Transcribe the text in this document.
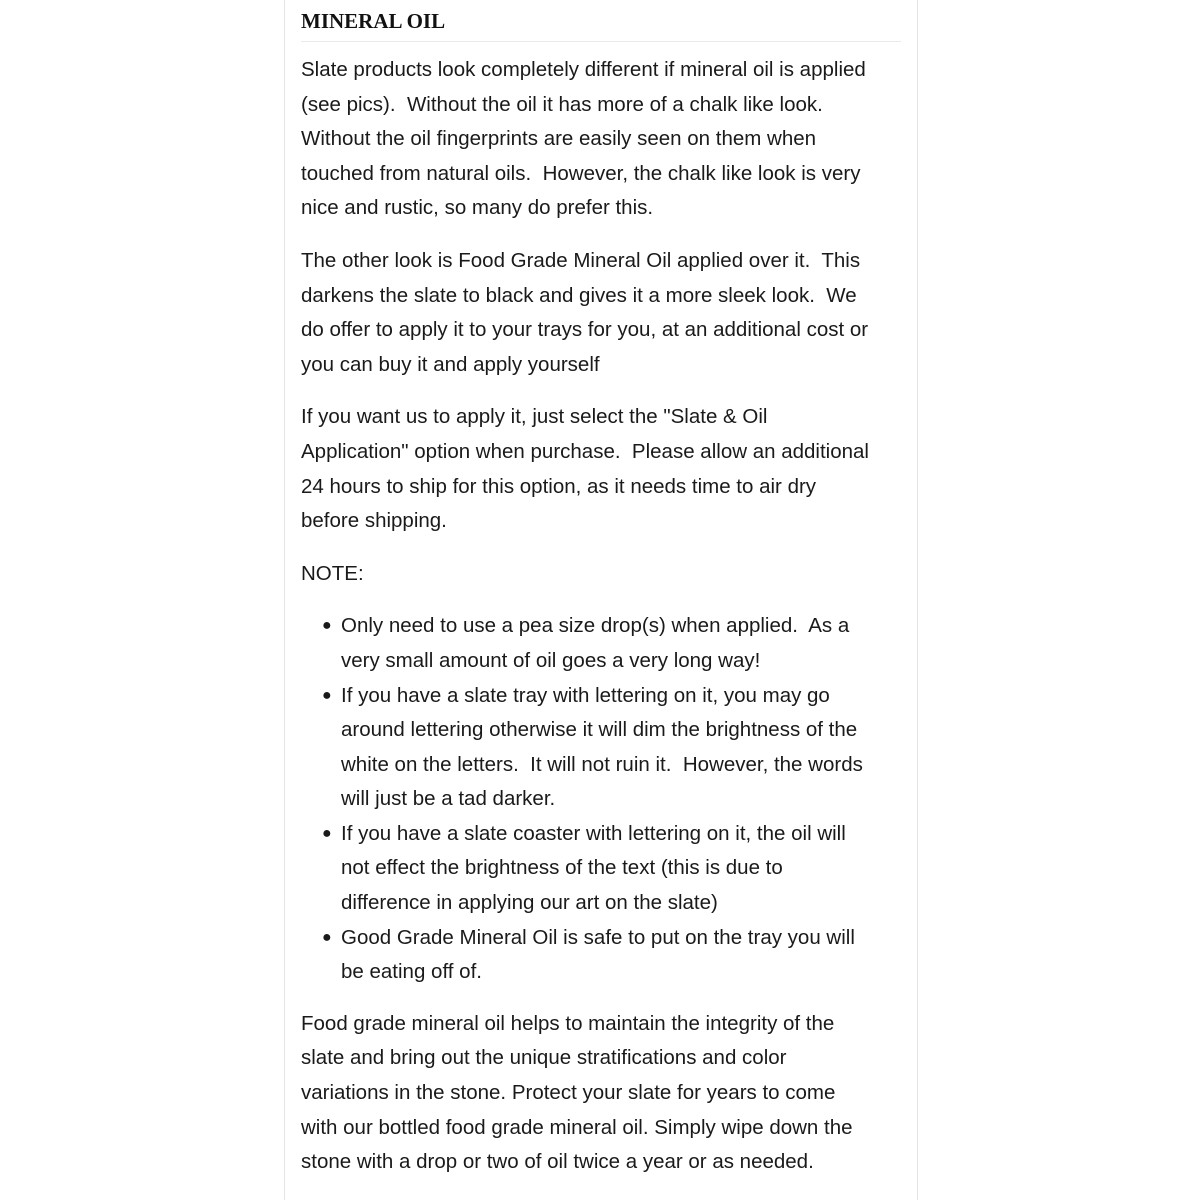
MINERAL OIL

Slate products look completely different if mineral oil is applied
(see pics).  Without the oil it has more of a chalk like look.
Without the oil fingerprints are easily seen on them when
touched from natural oils.  However, the chalk like look is very
nice and rustic, so many do prefer this.

The other look is Food Grade Mineral Oil applied over it.  This
darkens the slate to black and gives it a more sleek look.  We
do offer to apply it to your trays for you, at an additional cost or
you can buy it and apply yourself

If you want us to apply it, just select the "Slate & Oil
Application" option when purchase.  Please allow an additional
24 hours to ship for this option, as it needs time to air dry
before shipping.

NOTE:

● Only need to use a pea size drop(s) when applied.  As a
very small amount of oil goes a very long way!
● If you have a slate tray with lettering on it, you may go
around lettering otherwise it will dim the brightness of the
white on the letters.  It will not ruin it.  However, the words
will just be a tad darker.
● If you have a slate coaster with lettering on it, the oil will
not effect the brightness of the text (this is due to
difference in applying our art on the slate)
● Good Grade Mineral Oil is safe to put on the tray you will
be eating off of.

Food grade mineral oil helps to maintain the integrity of the
slate and bring out the unique stratifications and color
variations in the stone. Protect your slate for years to come
with our bottled food grade mineral oil. Simply wipe down the
stone with a drop or two of oil twice a year or as needed.
